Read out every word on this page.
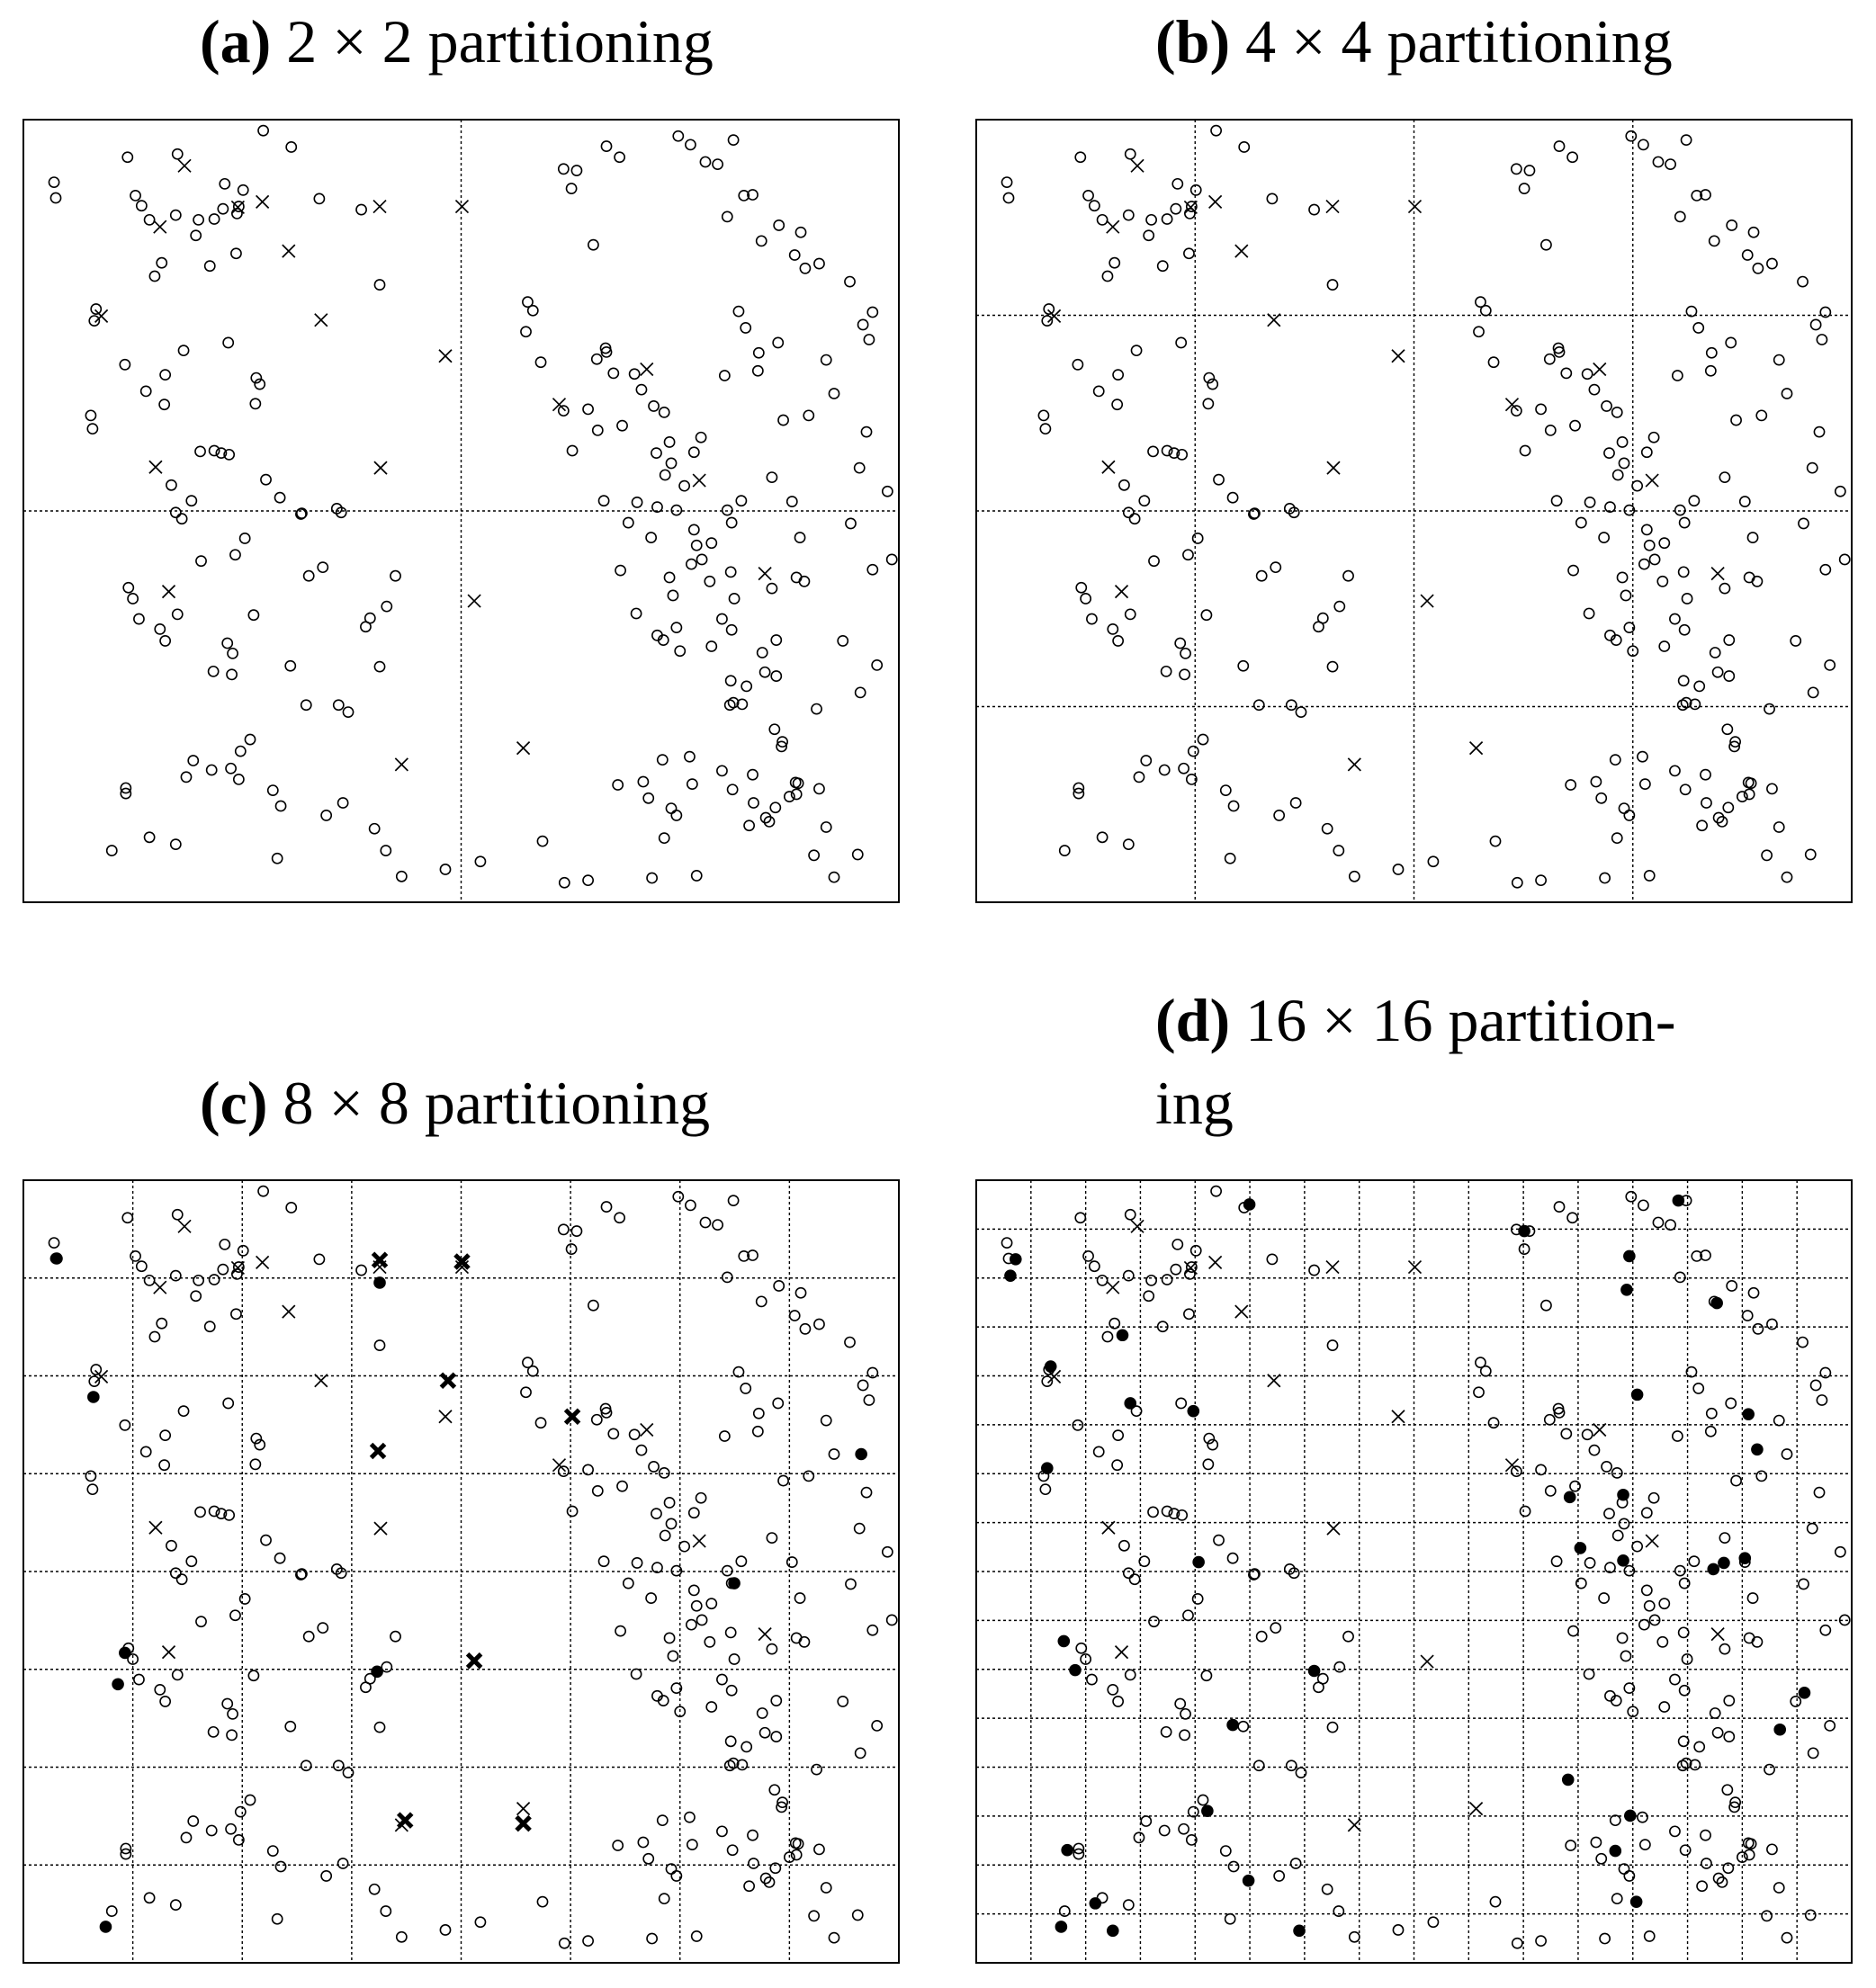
(a) 2 × 2 partitioning	(b) 4 × 4 partitioning
(c) 8 × 8 partitioning
(d) 16 × 16 partition-
ing
